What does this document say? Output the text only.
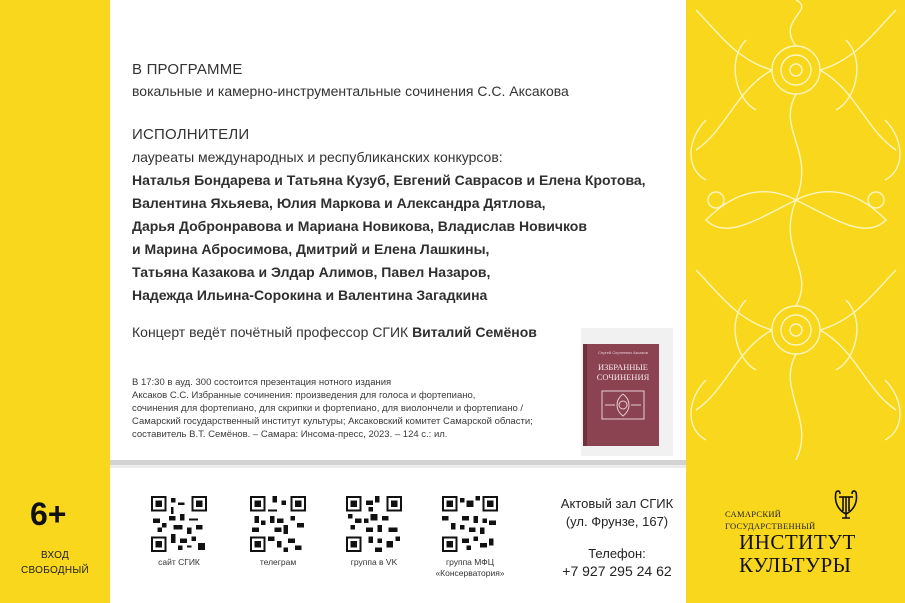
В ПРОГРАММЕ
вокальные и камерно-инструментальные сочинения С.С. Аксакова
ИСПОЛНИТЕЛИ
лауреаты международных и республиканских конкурсов:
Наталья Бондарева и Татьяна Кузуб, Евгений Саврасов и Елена Кротова,
Валентина Яхьяева, Юлия Маркова и Александра Дятлова,
Дарья Добронравова и Мариана Новикова, Владислав Новичков
и Марина Абросимова, Дмитрий и Елена Лашкины,
Татьяна Казакова и Элдар Алимов, Павел Назаров,
Надежда Ильина-Сорокина и Валентина Загадкина
Концерт ведёт почётный профессор СГИК Виталий Семёнов
В 17:30 в ауд. 300 состоится презентация нотного издания
Аксаков С.С. Избранные сочинения: произведения для голоса и фортепиано,
сочинения для фортепиано, для скрипки и фортепиано, для виолончели и фортепиано /
Самарский государственный институт культуры; Аксаковский комитет Самарской области;
составитель В.Т. Семёнов. – Самара: Инсома-пресс, 2023. – 124 с.: ил.
Сергей Сергеевич Аксаков
ИЗБРАННЫЕ
СОЧИНЕНИЯ
6+
ВХОД
СВОБОДНЫЙ
сайт СГИК	телеграм	группа в VK	группа МФЦ
«Консерватория»
Актовый зал СГИК
(ул. Фрунзе, 167)
Телефон:
+7 927 295 24 62
САМАРСКИЙ
ГОСУДАРСТВЕННЫЙ
ИНСТИТУТ
КУЛЬТУРЫ
